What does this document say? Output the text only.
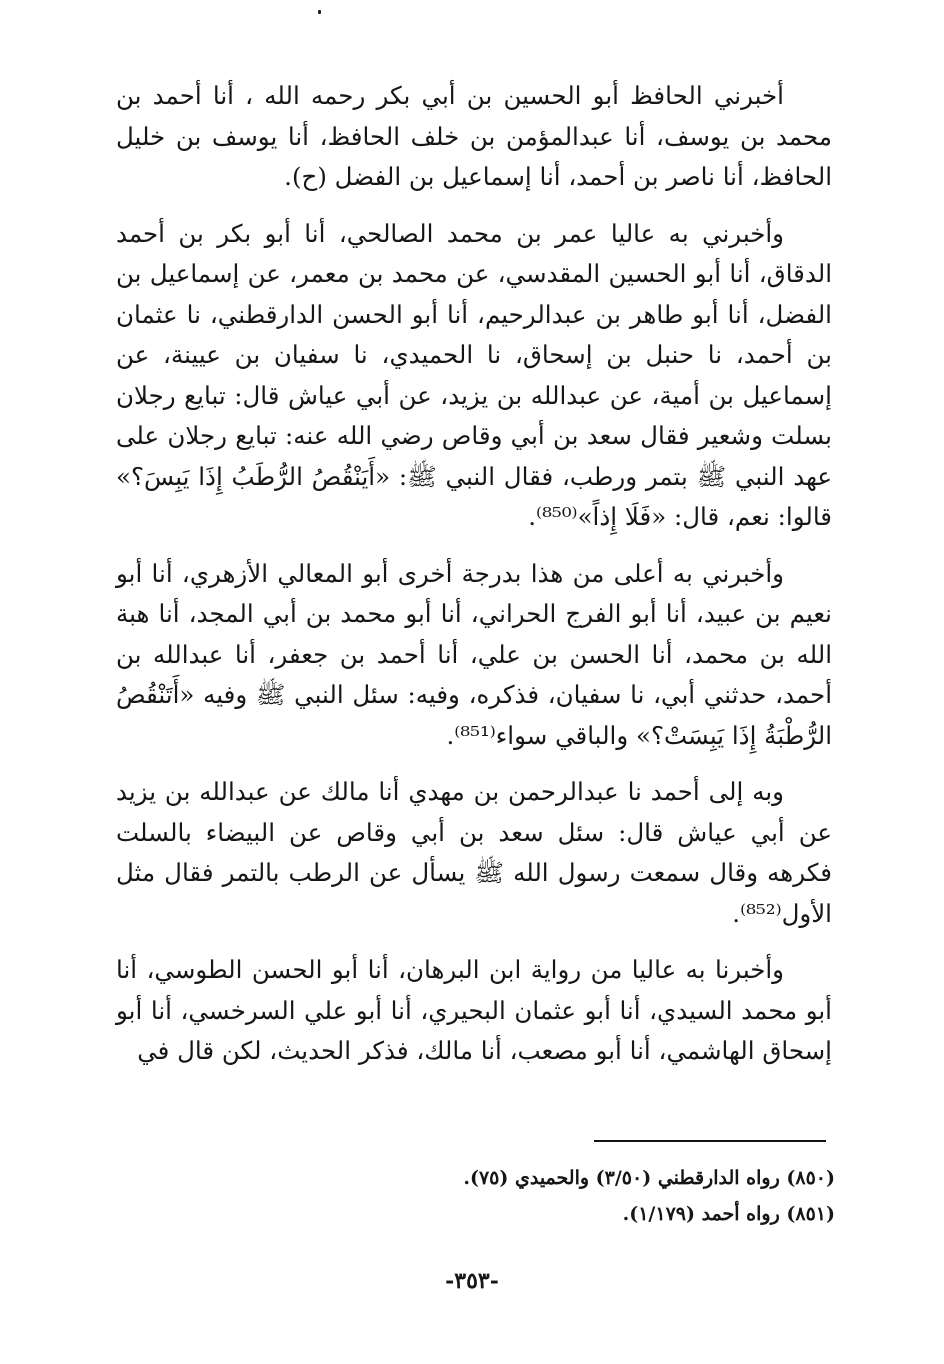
أخبرني الحافظ أبو الحسين بن أبي بكر رحمه الله ، أنا أحمد بن محمد بن يوسف، أنا عبدالمؤمن بن خلف الحافظ، أنا يوسف بن خليل الحافظ، أنا ناصر بن أحمد، أنا إسماعيل بن الفضل (ح).

وأخبرني به عاليا عمر بن محمد الصالحي، أنا أبو بكر بن أحمد الدقاق، أنا أبو الحسين المقدسي، عن محمد بن معمر، عن إسماعيل بن الفضل، أنا أبو طاهر بن عبدالرحيم، أنا أبو الحسن الدارقطني، نا عثمان بن أحمد، نا حنبل بن إسحاق، نا الحميدي، نا سفيان بن عيينة، عن إسماعيل بن أمية، عن عبدالله بن يزيد، عن أبي عياش قال: تبايع رجلان بسلت وشعير فقال سعد بن أبي وقاص رضي الله عنه: تبايع رجلان على عهد النبي ﷺ بتمر ورطب، فقال النبي ﷺ: «أَيَنْقُصُ الرُّطَبُ إِذَا يَبِسَ؟» قالوا: نعم، قال: «فَلَا إِذاً»⁽⁸⁵⁰⁾.

وأخبرني به أعلى من هذا بدرجة أخرى أبو المعالي الأزهري، أنا أبو نعيم بن عبيد، أنا أبو الفرج الحراني، أنا أبو محمد بن أبي المجد، أنا هبة الله بن محمد، أنا الحسن بن علي، أنا أحمد بن جعفر، أنا عبدالله بن أحمد، حدثني أبي، نا سفيان، فذكره، وفيه: سئل النبي ﷺ وفيه «أَتَنْقُصُ الرُّطْبَةُ إِذَا يَبِسَتْ؟» والباقي سواء⁽⁸⁵¹⁾.

وبه إلى أحمد نا عبدالرحمن بن مهدي أنا مالك عن عبدالله بن يزيد عن أبي عياش قال: سئل سعد بن أبي وقاص عن البيضاء بالسلت فكرهه وقال سمعت رسول الله ﷺ يسأل عن الرطب بالتمر فقال مثل الأول⁽⁸⁵²⁾.

وأخبرنا به عاليا من رواية ابن البرهان، أنا أبو الحسن الطوسي، أنا أبو محمد السيدي، أنا أبو عثمان البحيري، أنا أبو علي السرخسي، أنا أبو إسحاق الهاشمي، أنا أبو مصعب، أنا مالك، فذكر الحديث، لكن قال في

(٨٥٠) رواه الدارقطني (٣/٥٠) والحميدي (٧٥).

(٨٥١) رواه أحمد (١/١٧٩).

-٣٥٣-
